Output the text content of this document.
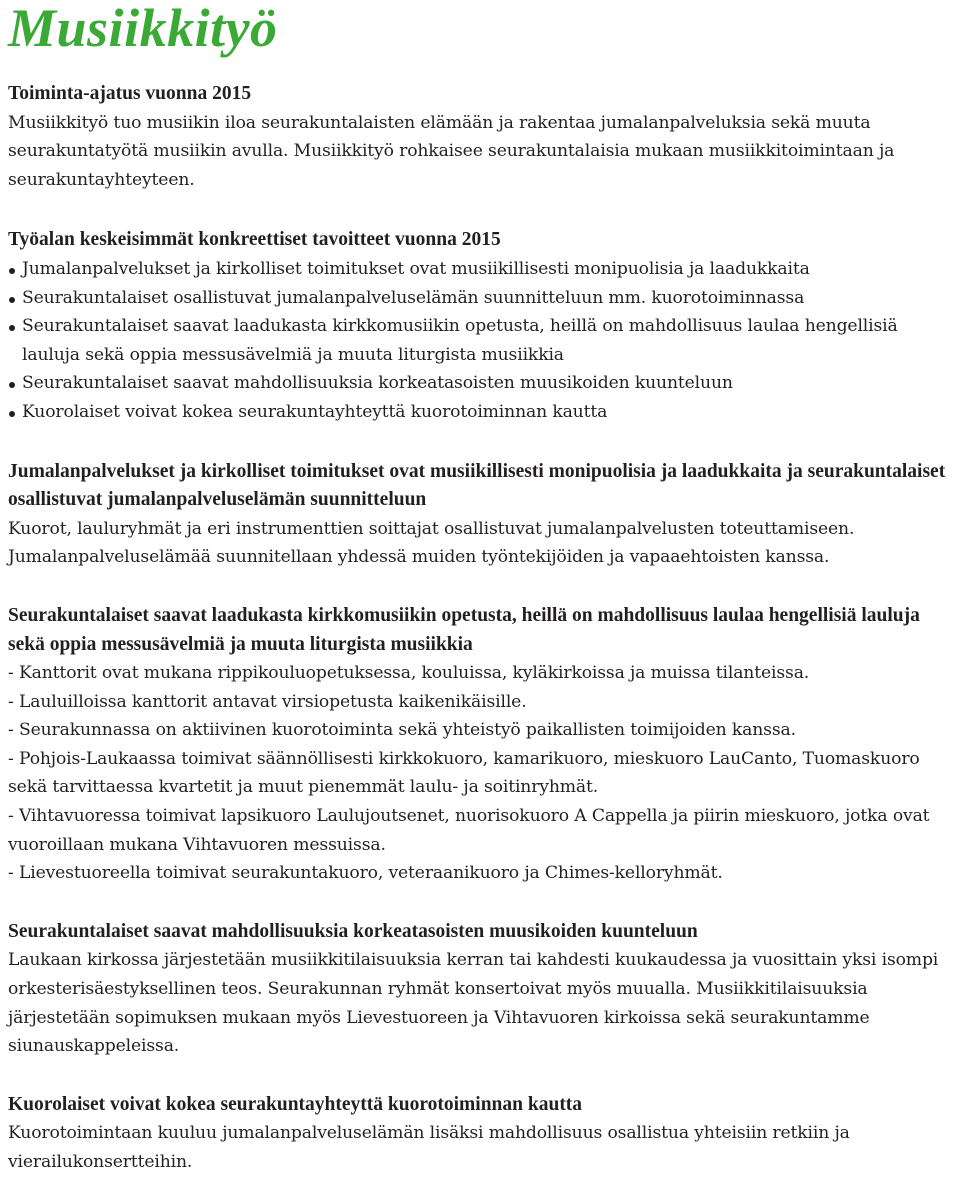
Musiikkityö
Toiminta-ajatus vuonna 2015

Musiikkityö tuo musiikin iloa seurakuntalaisten elämään ja rakentaa jumalanpalveluksia sekä muuta seurakuntatyötä musiikin avulla. Musiikkityö rohkaisee seurakuntalaisia mukaan musiikkitoimintaan ja seurakuntayhteyteen.

Työalan keskeisimmät konkreettiset tavoitteet vuonna 2015
Jumalanpalvelukset ja kirkolliset toimitukset ovat musiikillisesti monipuolisia ja laadukkaita
Seurakuntalaiset osallistuvat jumalanpalveluselämän suunnitteluun mm. kuorotoiminnassa
Seurakuntalaiset saavat laadukasta kirkkomusiikin opetusta, heillä on mahdollisuus laulaa hengellisiä lauluja sekä oppia messusävelmiä ja muuta liturgista musiikkia
Seurakuntalaiset saavat mahdollisuuksia korkeatasoisten muusikoiden kuunteluun
Kuorolaiset voivat kokea seurakuntayhteyttä kuorotoiminnan kautta
Jumalanpalvelukset ja kirkolliset toimitukset ovat musiikillisesti monipuolisia ja laadukkaita ja seurakuntalaiset osallistuvat jumalanpalveluselämän suunnitteluun

Kuorot, lauluryhmät ja eri instrumenttien soittajat osallistuvat jumalanpalvelusten toteuttamiseen. Jumalanpalveluselämää suunnitellaan yhdessä muiden työntekijöiden ja vapaaehtoisten kanssa.

Seurakuntalaiset saavat laadukasta kirkkomusiikin opetusta, heillä on mahdollisuus laulaa hengellisiä lauluja sekä oppia messusävelmiä ja muuta liturgista musiikkia

- Kanttorit ovat mukana rippikouluopetuksessa, kouluissa, kyläkirkoissa ja muissa tilanteissa.

- Lauluilloissa kanttorit antavat virsiopetusta kaikenikäisille.

- Seurakunnassa on aktiivinen kuorotoiminta sekä yhteistyö paikallisten toimijoiden kanssa.

- Pohjois-Laukaassa toimivat säännöllisesti kirkkokuoro, kamarikuoro, mieskuoro LauCanto, Tuomaskuoro sekä tarvittaessa kvartetit ja muut pienemmät laulu- ja soitinryhmät.

- Vihtavuoressa toimivat lapsikuoro Laulujoutsenet, nuorisokuoro A Cappella ja piirin mieskuoro, jotka ovat vuoroillaan mukana Vihtavuoren messuissa.

- Lievestuoreella toimivat seurakuntakuoro, veteraanikuoro ja Chimes-kelloryhmät.

Seurakuntalaiset saavat mahdollisuuksia korkeatasoisten muusikoiden kuunteluun

Laukaan kirkossa järjestetään musiikkitilaisuuksia kerran tai kahdesti kuukaudessa ja vuosittain yksi isompi orkesterisäestyksellinen teos. Seurakunnan ryhmät konsertoivat myös muualla. Musiikkitilaisuuksia järjestetään sopimuksen mukaan myös Lievestuoreen ja Vihtavuoren kirkoissa sekä seurakuntamme siunauskappeleissa.

Kuorolaiset voivat kokea seurakuntayhteyttä kuorotoiminnan kautta

Kuorotoimintaan kuuluu jumalanpalveluselämän lisäksi mahdollisuus osallistua yhteisiin retkiin ja vierailukonsertteihin.
